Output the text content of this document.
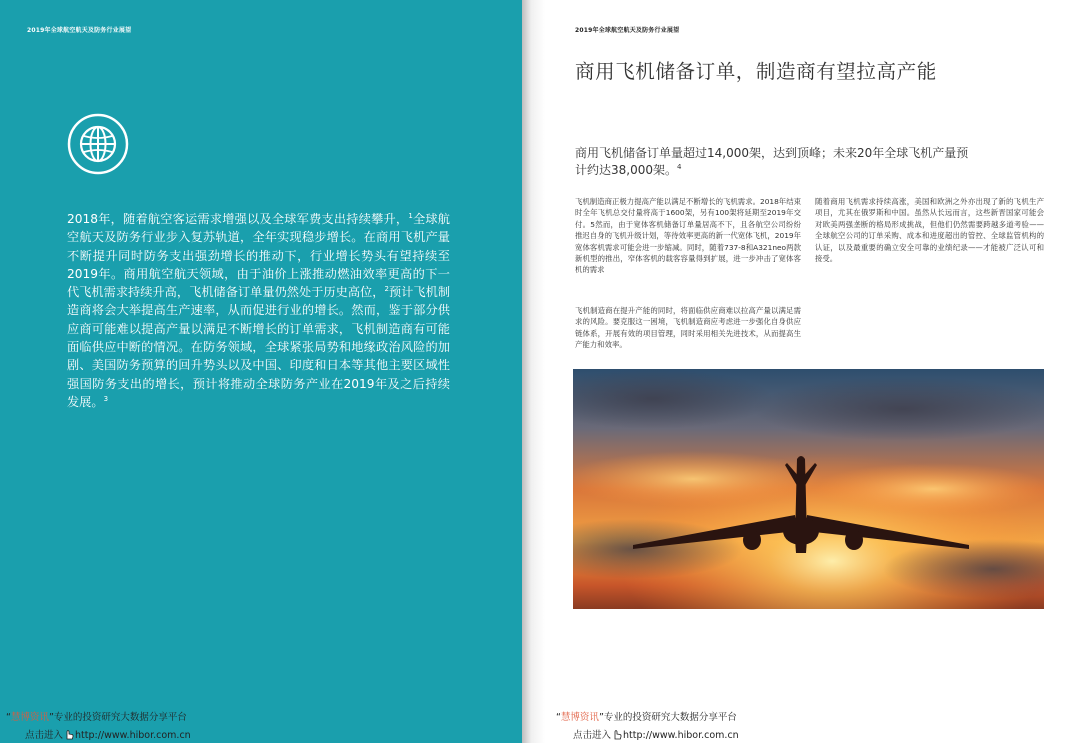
2019年全球航空航天及防务行业展望

2018年，随着航空客运需求增强以及全球军费支出持续攀升，$^1$全球航空航天及防务行业步入复苏轨道，全年实现稳步增长。在商用飞机产量不断提升同时防务支出强劲增长的推动下，行业增长势头有望持续至2019年。商用航空航天领域，由于油价上涨推动燃油效率更高的下一代飞机需求持续升高，飞机储备订单量仍然处于历史高位，$^2$预计飞机制造商将会大举提高生产速率，从而促进行业的增长。然而，鉴于部分供应商可能难以提高产量以满足不断增长的订单需求，飞机制造商有可能面临供应中断的情况。在防务领域，全球紧张局势和地缘政治风险的加剧、美国防务预算的回升势头以及中国、印度和日本等其他主要区域性强国防务支出的增长，预计将推动全球防务产业在2019年及之后持续发展。$^3$

“慧博资讯”专业的投资研究大数据分享平台
点击进入 http://www.hibor.com.cn
2019年全球航空航天及防务行业展望
商用飞机储备订单，制造商有望拉高产能

商用飞机储备订单量超过14,000架，达到顶峰；未来20年全球飞机产量预计约达38,000架。$^4$

飞机制造商正极力提高产能以满足不断增长的飞机需求。2018年结束时全年飞机总交付量将高于1600架，另有100架将延期至2019年交付。5然而，由于宽体客机储备订单量居高不下，且各航空公司纷纷推迟自身的飞机升级计划，等待效率更高的新一代宽体飞机，2019年宽体客机需求可能会进一步缩减。同时，随着737-8和A321neo两款新机型的推出，窄体客机的载客容量得到扩展，进一步冲击了宽体客机的需求

飞机制造商在提升产能的同时，将面临供应商难以拉高产量以满足需求的风险。要克服这一困境，飞机制造商应考虑进一步强化自身供应链体系，开展有效的项目管理，同时采用相关先进技术，从而提高生产能力和效率。

随着商用飞机需求持续高涨，美国和欧洲之外亦出现了新的飞机生产项目，尤其在俄罗斯和中国。虽然从长远而言，这些新晋国家可能会对欧美两强垄断的格局形成挑战，但他们仍然需要跨越多道考验——全球航空公司的订单采购、成本和进度超出的管控、全球监管机构的认证，以及最重要的确立安全可靠的业绩纪录——才能被广泛认可和接受。

“慧博资讯”专业的投资研究大数据分享平台
点击进入 http://www.hibor.com.cn
